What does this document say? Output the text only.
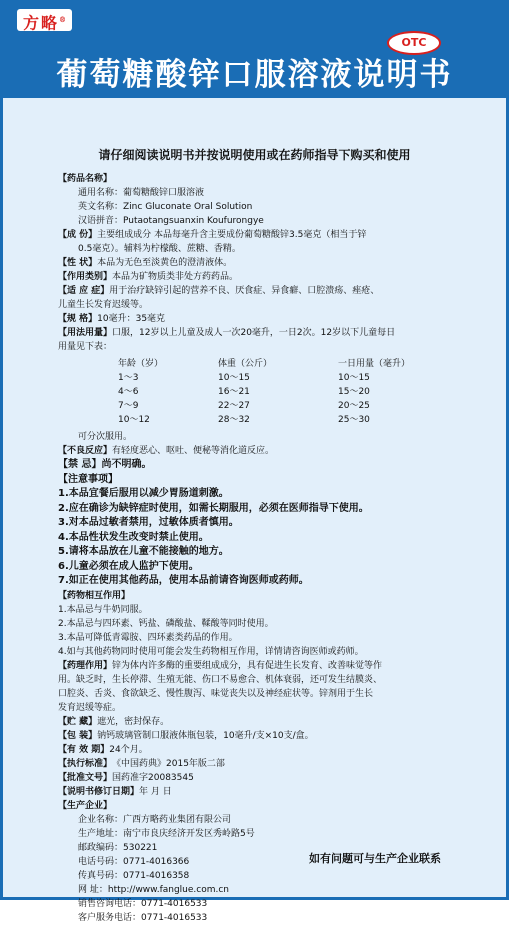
方略®
OTC
葡萄糖酸锌口服溶液说明书
请仔细阅读说明书并按说明使用或在药师指导下购买和使用
【药品名称】
通用名称： 葡萄糖酸锌口服溶液
英文名称： Zinc Gluconate Oral Solution
汉语拼音： Putaotangsuanxin Koufurongye
【成 份】 主要组成成分 本品每毫升含主要成份葡萄糖酸锌3.5毫克（相当于锌
0.5毫克）。辅料为柠檬酸、蔗糖、香精。
【性 状】 本品为无色至淡黄色的澄清液体。
【作用类别】 本品为矿物质类非处方药药品。
【适 应 症】 用于治疗缺锌引起的营养不良、厌食症、异食癖、口腔溃疡、痤疮、
儿童生长发育迟缓等。
【规 格】 10毫升：35毫克
【用法用量】 口服，12岁以上儿童及成人一次20毫升，一日2次。12岁以下儿童每日
用量见下表：
年龄（岁）	体重（公斤）	一日用量（毫升）
1～3	10～15	10～15
4～6	16～21	15～20
7～9	22～27	20～25
10～12	28～32	25～30
可分次服用。
【不良反应】 有轻度恶心、呕吐、便秘等消化道反应。
【禁 忌】 尚不明确。
【注意事项】
1.本品宜餐后服用以减少胃肠道刺激。
2.应在确诊为缺锌症时使用，如需长期服用，必须在医师指导下使用。
3.对本品过敏者禁用，过敏体质者慎用。
4.本品性状发生改变时禁止使用。
5.请将本品放在儿童不能接触的地方。
6.儿童必须在成人监护下使用。
7.如正在使用其他药品，使用本品前请咨询医师或药师。
【药物相互作用】
1.本品忌与牛奶同服。
2.本品忌与四环素、钙盐、磷酸盐、鞣酸等同时使用。
3.本品可降低青霉胺、四环素类药品的作用。
4.如与其他药物同时使用可能会发生药物相互作用，详情请咨询医师或药师。
【药理作用】 锌为体内许多酶的重要组成成分，具有促进生长发育、改善味觉等作
用。缺乏时，生长停滞、生殖无能、伤口不易愈合、机体衰弱，还可发生结膜炎、
口腔炎、舌炎、食欲缺乏、慢性腹泻、味觉丧失以及神经症状等。锌剂用于生长
发育迟缓等症。
【贮 藏】 遮光，密封保存。
【包 装】 钠钙玻璃管制口服液体瓶包装，10毫升/支×10支/盒。
【有 效 期】 24个月。
【执行标准】 《中国药典》2015年版二部
【批准文号】 国药准字20083545
【说明书修订日期】 年 月 日
【生产企业】
企业名称： 广西方略药业集团有限公司
生产地址： 南宁市良庆经济开发区秀岭路5号
邮政编码： 530221
电话号码： 0771-4016366
传真号码： 0771-4016358
网 址： http://www.fanglue.com.cn
销售咨询电话： 0771-4016533
客户服务电话： 0771-4016533
如有问题可与生产企业联系
